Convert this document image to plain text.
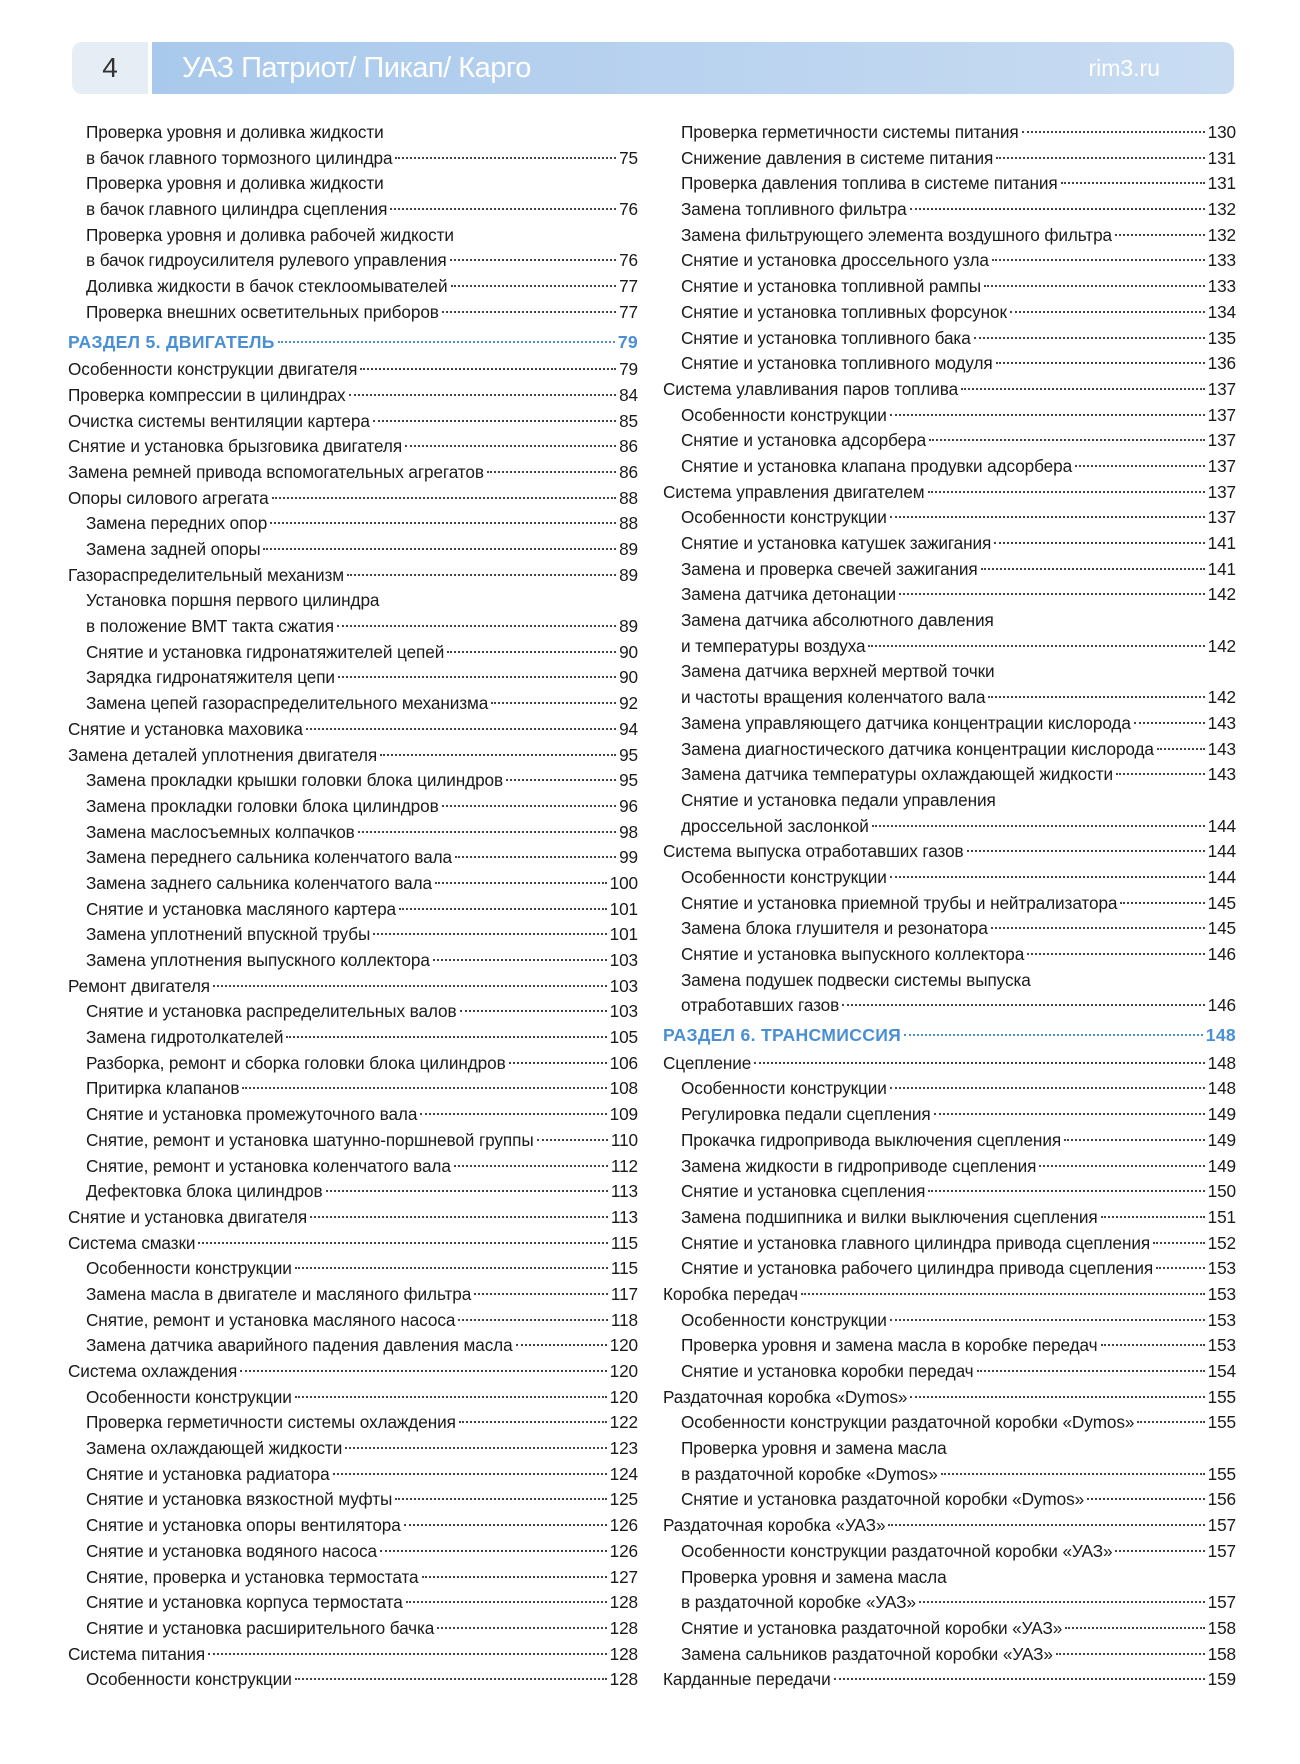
4	УАЗ Патриот/ Пикап/ Карго	rim3.ru
Проверка уровня и доливка жидкости
в бачок главного тормозного цилиндра	75
Проверка уровня и доливка жидкости
в бачок главного цилиндра сцепления	76
Проверка уровня и доливка рабочей жидкости
в бачок гидроусилителя рулевого управления	76
Доливка жидкости в бачок стеклоомывателей	77
Проверка внешних осветительных приборов	77
РАЗДЕЛ 5. ДВИГАТЕЛЬ	79
Особенности конструкции двигателя	79
Проверка компрессии в цилиндрах	84
Очистка системы вентиляции картера	85
Снятие и установка брызговика двигателя	86
Замена ремней привода вспомогательных агрегатов	86
Опоры силового агрегата	88
Замена передних опор	88
Замена задней опоры	89
Газораспределительный механизм	89
Установка поршня первого цилиндра
в положение ВМТ такта сжатия	89
Снятие и установка гидронатяжителей цепей	90
Зарядка гидронатяжителя цепи	90
Замена цепей газораспределительного механизма	92
Снятие и установка маховика	94
Замена деталей уплотнения двигателя	95
Замена прокладки крышки головки блока цилиндров	95
Замена прокладки головки блока цилиндров	96
Замена маслосъемных колпачков	98
Замена переднего сальника коленчатого вала	99
Замена заднего сальника коленчатого вала	100
Снятие и установка масляного картера	101
Замена уплотнений впускной трубы	101
Замена уплотнения выпускного коллектора	103
Ремонт двигателя	103
Снятие и установка распределительных валов	103
Замена гидротолкателей	105
Разборка, ремонт и сборка головки блока цилиндров	106
Притирка клапанов	108
Снятие и установка промежуточного вала	109
Снятие, ремонт и установка шатунно-поршневой группы	110
Снятие, ремонт и установка коленчатого вала	112
Дефектовка блока цилиндров	113
Снятие и установка двигателя	113
Система смазки	115
Особенности конструкции	115
Замена масла в двигателе и масляного фильтра	117
Снятие, ремонт и установка масляного насоса	118
Замена датчика аварийного падения давления масла	120
Система охлаждения	120
Особенности конструкции	120
Проверка герметичности системы охлаждения	122
Замена охлаждающей жидкости	123
Снятие и установка радиатора	124
Снятие и установка вязкостной муфты	125
Снятие и установка опоры вентилятора	126
Снятие и установка водяного насоса	126
Снятие, проверка и установка термостата	127
Снятие и установка корпуса термостата	128
Снятие и установка расширительного бачка	128
Система питания	128
Особенности конструкции	128
Проверка герметичности системы питания	130
Снижение давления в системе питания	131
Проверка давления топлива в системе питания	131
Замена топливного фильтра	132
Замена фильтрующего элемента воздушного фильтра	132
Снятие и установка дроссельного узла	133
Снятие и установка топливной рампы	133
Снятие и установка топливных форсунок	134
Снятие и установка топливного бака	135
Снятие и установка топливного модуля	136
Система улавливания паров топлива	137
Особенности конструкции	137
Снятие и установка адсорбера	137
Снятие и установка клапана продувки адсорбера	137
Система управления двигателем	137
Особенности конструкции	137
Снятие и установка катушек зажигания	141
Замена и проверка свечей зажигания	141
Замена датчика детонации	142
Замена датчика абсолютного давления
и температуры воздуха	142
Замена датчика верхней мертвой точки
и частоты вращения коленчатого вала	142
Замена управляющего датчика концентрации кислорода	143
Замена диагностического датчика концентрации кислорода	143
Замена датчика температуры охлаждающей жидкости	143
Снятие и установка педали управления
дроссельной заслонкой	144
Система выпуска отработавших газов	144
Особенности конструкции	144
Снятие и установка приемной трубы и нейтрализатора	145
Замена блока глушителя и резонатора	145
Снятие и установка выпускного коллектора	146
Замена подушек подвески системы выпуска
отработавших газов	146
РАЗДЕЛ 6. ТРАНСМИССИЯ	148
Сцепление	148
Особенности конструкции	148
Регулировка педали сцепления	149
Прокачка гидропривода выключения сцепления	149
Замена жидкости в гидроприводе сцепления	149
Снятие и установка сцепления	150
Замена подшипника и вилки выключения сцепления	151
Снятие и установка главного цилиндра привода сцепления	152
Снятие и установка рабочего цилиндра привода сцепления	153
Коробка передач	153
Особенности конструкции	153
Проверка уровня и замена масла в коробке передач	153
Снятие и установка коробки передач	154
Раздаточная коробка «Dymos»	155
Особенности конструкции раздаточной коробки «Dymos»	155
Проверка уровня и замена масла
в раздаточной коробке «Dymos»	155
Снятие и установка раздаточной коробки «Dymos»	156
Раздаточная коробка «УАЗ»	157
Особенности конструкции раздаточной коробки «УАЗ»	157
Проверка уровня и замена масла
в раздаточной коробке «УАЗ»	157
Снятие и установка раздаточной коробки «УАЗ»	158
Замена сальников раздаточной коробки «УАЗ»	158
Карданные передачи	159
